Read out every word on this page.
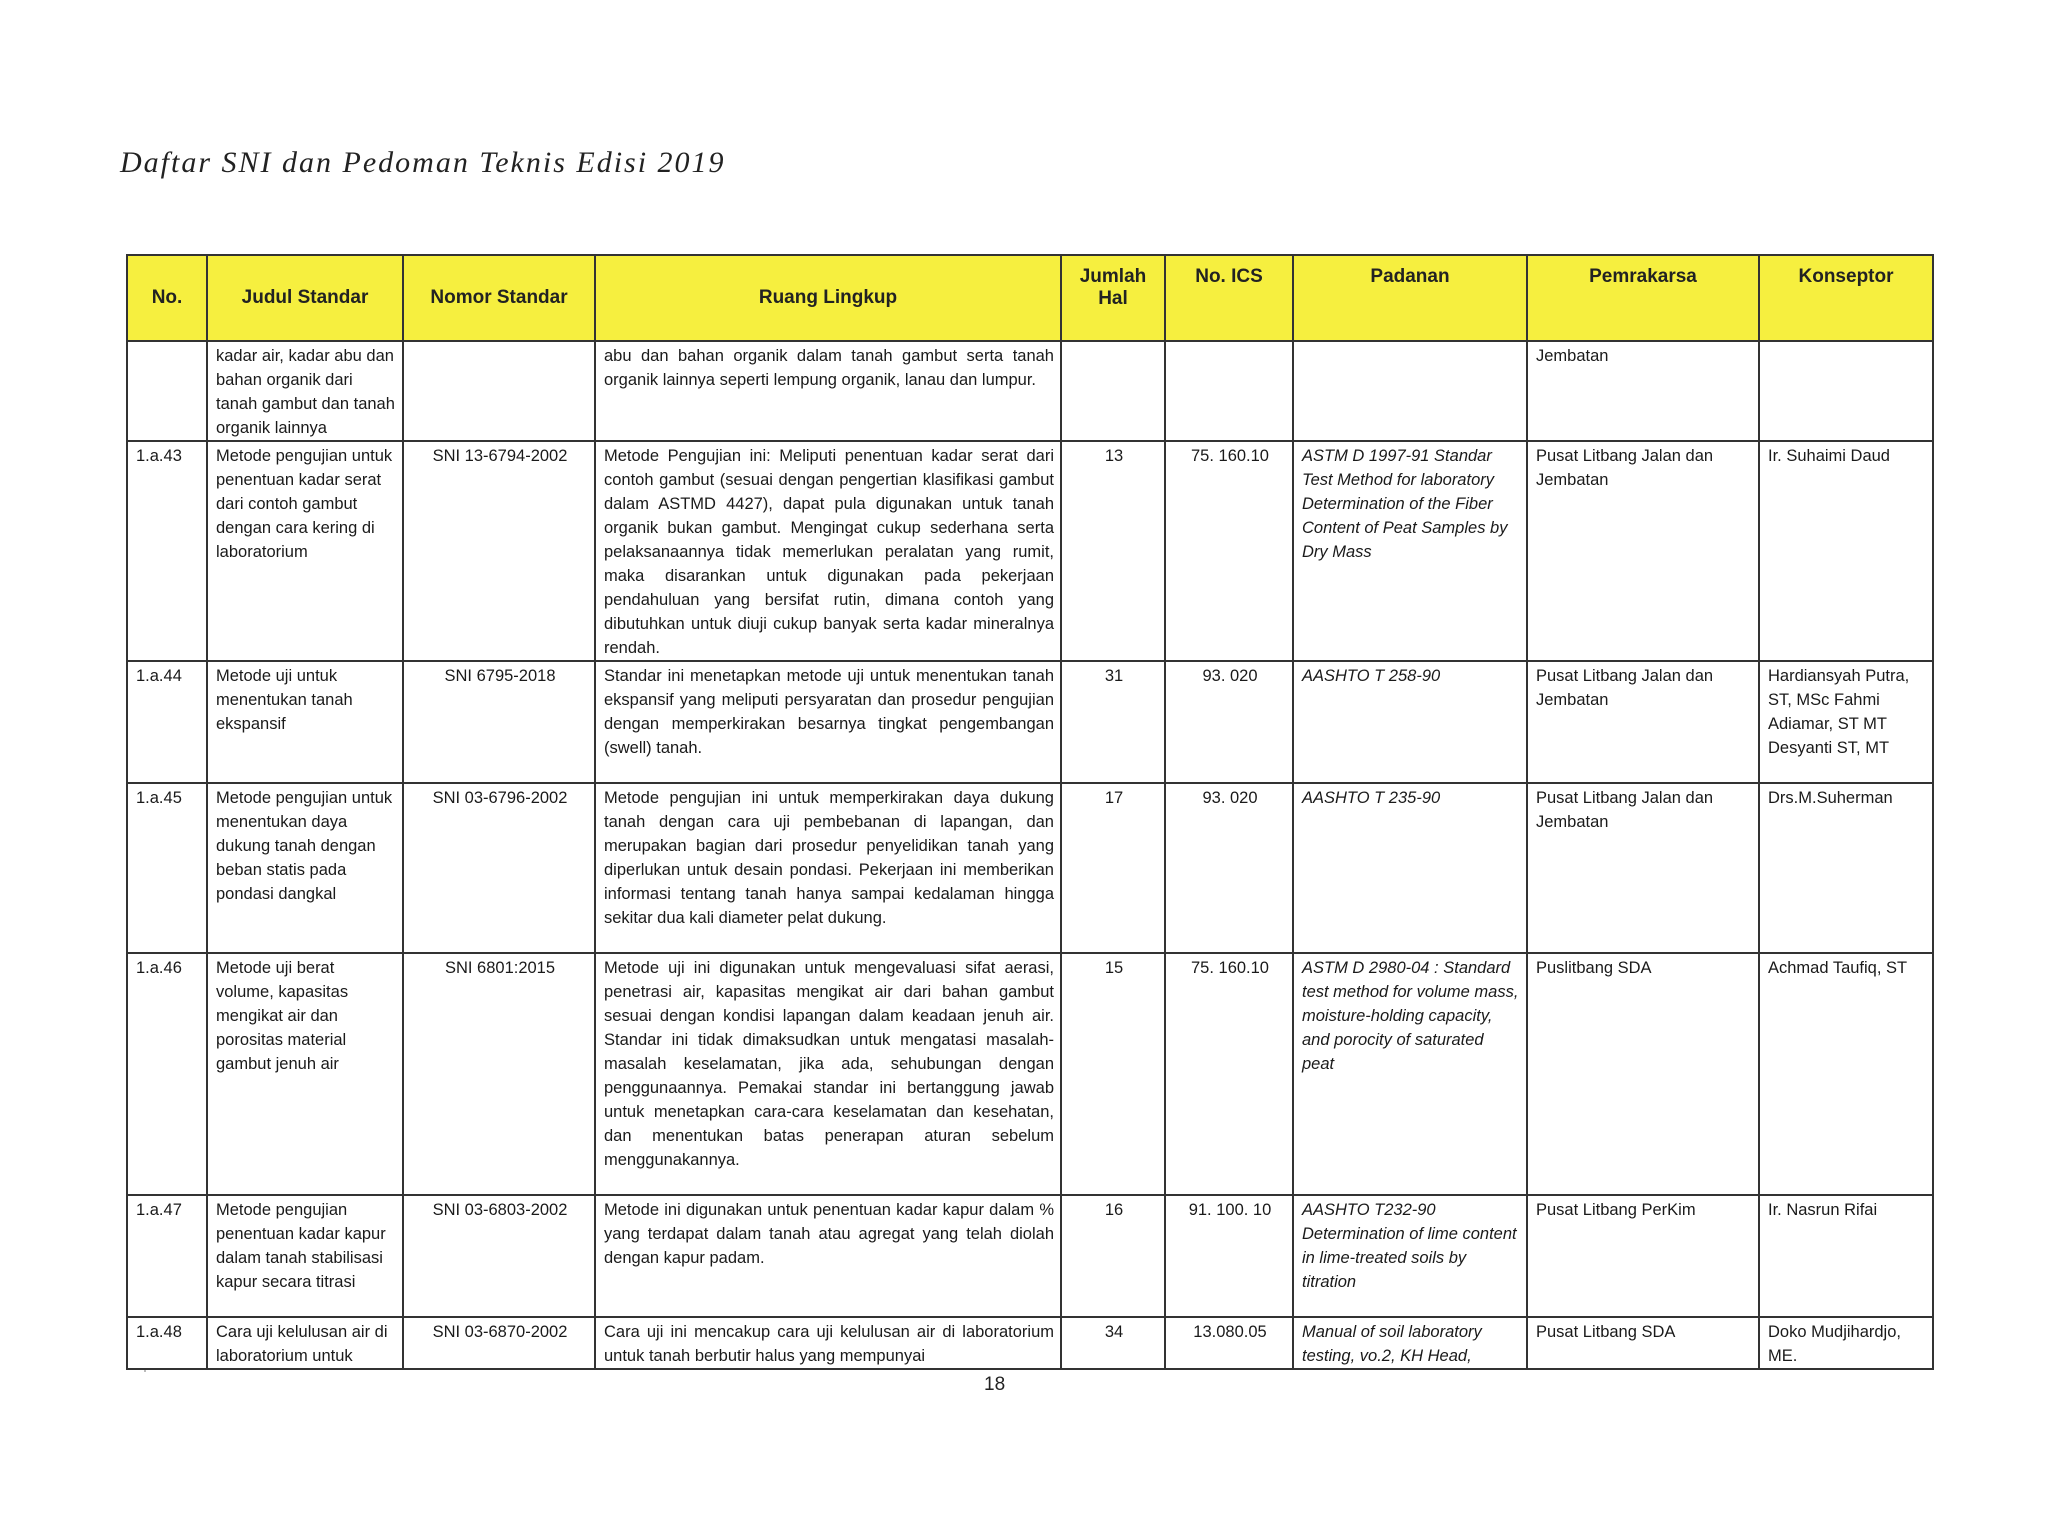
Daftar SNI dan Pedoman Teknis Edisi 2019
No.	Judul Standar	Nomor Standar	Ruang Lingkup	Jumlah Hal	No. ICS	Padanan	Pemrakarsa	Konseptor
	kadar air, kadar abu dan bahan organik dari tanah gambut dan tanah organik lainnya		abu dan bahan organik dalam tanah gambut serta tanah organik lainnya seperti lempung organik, lanau dan lumpur.				Jembatan	
1.a.43	Metode pengujian untuk penentuan kadar serat dari contoh gambut dengan cara kering di laboratorium	SNI 13-6794-2002	Metode Pengujian ini: Meliputi penentuan kadar serat dari contoh gambut (sesuai dengan pengertian klasifikasi gambut dalam ASTMD 4427), dapat pula digunakan untuk tanah organik bukan gambut. Mengingat cukup sederhana serta pelaksanaannya tidak memerlukan peralatan yang rumit, maka disarankan untuk digunakan pada pekerjaan pendahuluan yang bersifat rutin, dimana contoh yang dibutuhkan untuk diuji cukup banyak serta kadar mineralnya rendah.	13	75. 160.10	ASTM D 1997-91 Standar Test Method for laboratory Determination of the Fiber Content of Peat Samples by Dry Mass	Pusat Litbang Jalan dan Jembatan	Ir. Suhaimi Daud
1.a.44	Metode uji untuk menentukan tanah ekspansif	SNI 6795-2018	Standar ini menetapkan metode uji untuk menentukan tanah ekspansif yang meliputi persyaratan dan prosedur pengujian dengan memperkirakan besarnya tingkat pengembangan (swell) tanah.	31	93. 020	AASHTO T 258-90	Pusat Litbang Jalan dan Jembatan	Hardiansyah Putra, ST, MSc Fahmi Adiamar, ST MT Desyanti ST, MT
1.a.45	Metode pengujian untuk menentukan daya dukung tanah dengan beban statis pada pondasi dangkal	SNI 03-6796-2002	Metode pengujian ini untuk memperkirakan daya dukung tanah dengan cara uji pembebanan di lapangan, dan merupakan bagian dari prosedur penyelidikan tanah yang diperlukan untuk desain pondasi. Pekerjaan ini memberikan informasi tentang tanah hanya sampai kedalaman hingga sekitar dua kali diameter pelat dukung.	17	93. 020	AASHTO T 235-90	Pusat Litbang Jalan dan Jembatan	Drs.M.Suherman
1.a.46	Metode uji berat volume, kapasitas mengikat air dan porositas material gambut jenuh air	SNI 6801:2015	Metode uji ini digunakan untuk mengevaluasi sifat aerasi, penetrasi air, kapasitas mengikat air dari bahan gambut sesuai dengan kondisi lapangan dalam keadaan jenuh air. Standar ini tidak dimaksudkan untuk mengatasi masalah-masalah keselamatan, jika ada, sehubungan dengan penggunaannya. Pemakai standar ini bertanggung jawab untuk menetapkan cara-cara keselamatan dan kesehatan, dan menentukan batas penerapan aturan sebelum menggunakannya.	15	75. 160.10	ASTM D 2980-04 : Standard test method for volume mass, moisture-holding capacity, and porocity of saturated peat	Puslitbang SDA	Achmad Taufiq, ST
1.a.47	Metode pengujian penentuan kadar kapur dalam tanah stabilisasi kapur secara titrasi	SNI 03-6803-2002	Metode ini digunakan untuk penentuan kadar kapur dalam % yang terdapat dalam tanah atau agregat yang telah diolah dengan kapur padam.	16	91. 100. 10	AASHTO T232-90 Determination of lime content in lime-treated soils by titration	Pusat Litbang PerKim	Ir. Nasrun Rifai
1.a.48	Cara uji kelulusan air di laboratorium untuk	SNI 03-6870-2002	Cara uji ini mencakup cara uji kelulusan air di laboratorium untuk tanah berbutir halus yang mempunyai	34	13.080.05	Manual of soil laboratory testing, vo.2, KH Head,	Pusat Litbang SDA	Doko Mudjihardjo, ME.
18
